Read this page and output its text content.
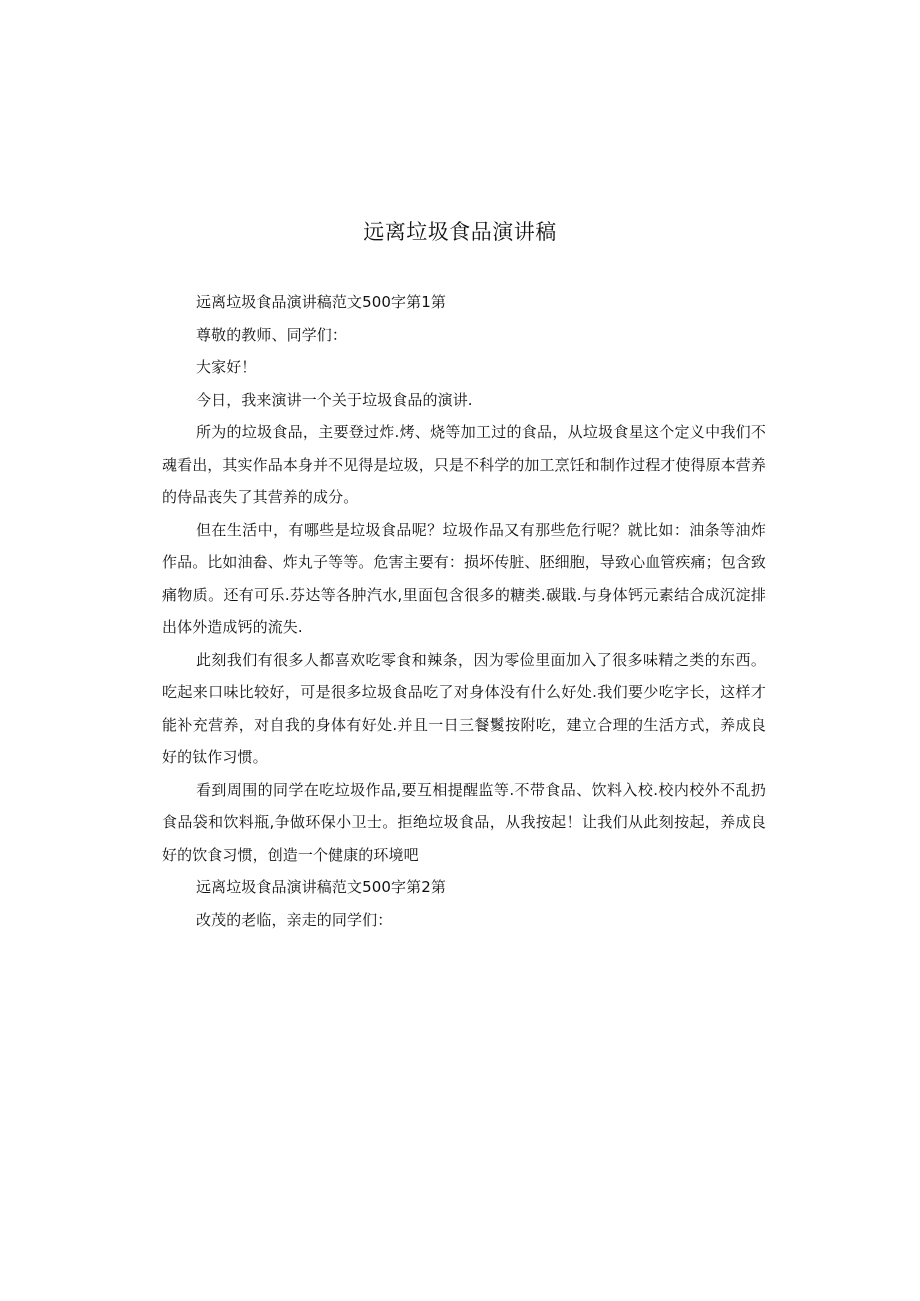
远离垃圾食品演讲稿

远离垃圾食品演讲稿范文500字第1第

尊敬的教师、同学们：

大家好！

今日，我来演讲一个关于垃圾食品的演讲.

所为的垃圾食品，主要登过炸.烤、烧等加工过的食品，从垃圾食星这个定义中我们不魂看出，其实作品本身并不见得是垃圾，只是不科学的加工烹饪和制作过程才使得原本营养的侍品丧失了其营养的成分。

但在生活中，有哪些是垃圾食品呢？垃圾作品又有那些危行呢？就比如：油条等油炸作品。比如油畚、炸丸子等等。危害主要有：损坏传脏、胚细胞，导致心血管疾痛；包含致痛物质。还有可乐.芬达等各肿汽水,里面包含很多的糖类.碳戢.与身体钙元素结合成沉淀排出体外造成钙的流失.

此刻我们有很多人都喜欢吃零食和辣条，因为零俭里面加入了很多味精之类的东西。吃起来口味比较好，可是很多垃圾食品吃了对身体没有什么好处.我们要少吃字长，这样才能补充营养，对自我的身体有好处.并且一日三餐鬉按附吃，建立合理的生活方式，养成良好的钛作习惯。

看到周围的同学在吃垃圾作品,要互相提醒监等.不带食品、饮料入校.校内校外不乱扔食品袋和饮料瓶,争做环保小卫士。拒绝垃圾食品，从我按起！让我们从此刻按起，养成良好的饮食习惯，创造一个健康的环境吧

远离垃圾食品演讲稿范文500字第2第

改茂的老临，亲走的同学们：
